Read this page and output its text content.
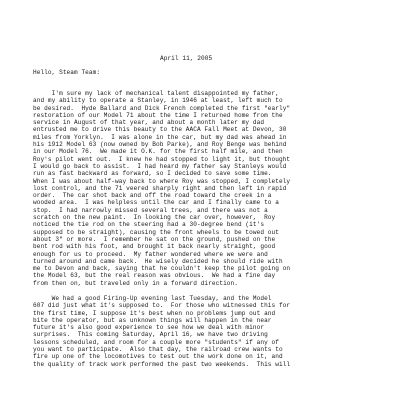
April 11, 2005
Hello, Steam Team:
I'm sure my lack of mechanical talent disappointed my father,
and my ability to operate a Stanley, in 1946 at least, left much to
be desired.  Hyde Ballard and Dick French completed the first "early"
restoration of our Model 71 about the time I returned home from the
service in August of that year, and about a month later my dad
entrusted me to drive this beauty to the AACA Fall Meet at Devon, 30
miles from Yorklyn.  I was alone in the car, but my dad was ahead in
his 1912 Model 63 (now owned by Bob Parke), and Roy Benge was behind
in our Model 76.  We made it O.K. for the first half mile, and then
Roy's pilot went out.  I knew he had stopped to light it, but thought
I would go back to assist.  I had heard my father say Stanleys would
run as fast backward as forward, so I decided to save some time.
When I was about half-way back to where Roy was stopped, I completely
lost control, and the 71 veered sharply right and then left in rapid
order.  The car shot back and off the road toward the creek in a
wooded area.  I was helpless until the car and I finally came to a
stop.  I had narrowly missed several trees, and there was not a
scratch on the new paint.  In looking the car over, however,  Roy
noticed the tie rod on the steering had a 30-degree bend (it's
supposed to be straight), causing the front wheels to be towed out
about 3" or more.  I remember he sat on the ground, pushed on the
bent rod with his foot, and brought it back nearly straight, good
enough for us to proceed.  My father wondered where we were and
turned around and came back.  He wisely decided he should ride with
me to Devon and back, saying that he couldn't keep the pilot going on
the Model 63, but the real reason was obvious.  We had a fine day
from then on, but traveled only in a forward direction.
We had a good Firing-Up evening last Tuesday, and the Model
607 did just what it's supposed to.  For those who witnessed this for
the first time, I suppose it's best when no problems jump out and
bite the operator, but as unknown things will happen in the near
future it's also good experience to see how we deal with minor
surprises.  This coming Saturday, April 16, we have two driving
lessons scheduled, and room for a couple more "students" if any of
you want to participate.  Also that day, the railroad crew wants to
fire up one of the locomotives to test out the work done on it, and
the quality of track work performed the past two weekends.  This will
